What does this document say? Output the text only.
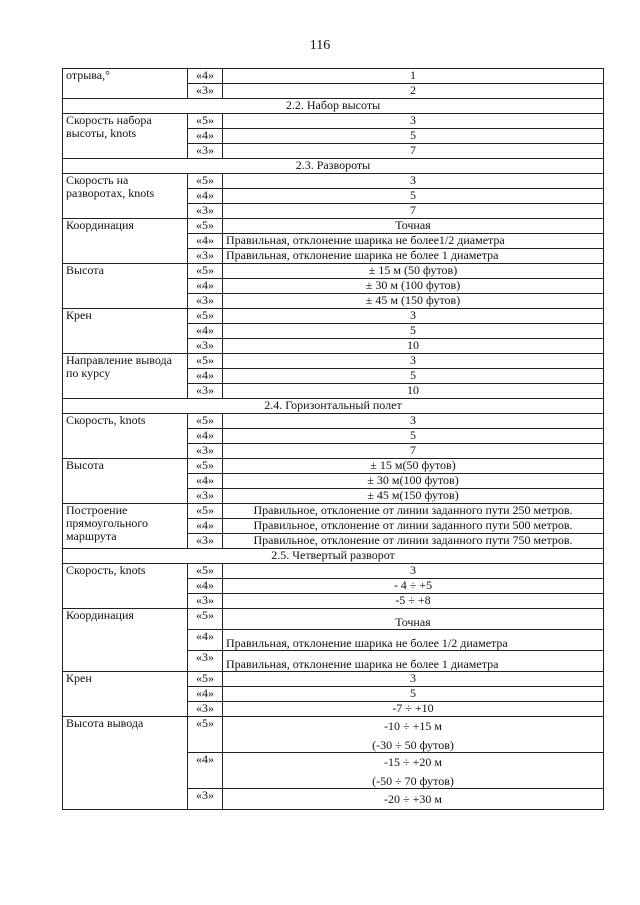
116
отрыва,°	«4»	1
	«3»	2
2.2. Набор высоты		
Скорость набора высоты, knots	«5»	3
	«4»	5
	«3»	7
2.3. Развороты		
Скорость на разворотах, knots	«5»	3
	«4»	5
	«3»	7
Координация	«5»	Точная
	«4»	Правильная, отклонение шарика не более1/2 диаметра
	«3»	Правильная, отклонение шарика не более 1 диаметра
Высота	«5»	± 15 м (50 футов)
	«4»	± 30 м (100 футов)
	«3»	± 45 м (150 футов)
Крен	«5»	3
	«4»	5
	«3»	10
Направление вывода по курсу	«5»	3
	«4»	5
	«3»	10
2.4. Горизонтальный полет		
Скорость, knots	«5»	3
	«4»	5
	«3»	7
Высота	«5»	± 15 м(50 футов)
	«4»	± 30 м(100 футов)
	«3»	± 45 м(150 футов)
Построение прямоугольного маршрута	«5»	Правильное, отклонение от линии заданного пути 250 метров.
	«4»	Правильное, отклонение от линии заданного пути 500 метров.
	«3»	Правильное, отклонение от линии заданного пути 750 метров.
2.5. Четвертый разворот		
Скорость, knots	«5»	3
	«4»	- 4 ÷ +5
	«3»	-5 ÷ +8
Координация	«5»	Точная
	«4»	Правильная, отклонение шарика не более 1/2 диаметра
	«3»	Правильная, отклонение шарика не более 1 диаметра
Крен	«5»	3
	«4»	5
	«3»	-7 ÷ +10
Высота вывода	«5»	-10 ÷ +15 м
(-30 ÷ 50 футов)

	«4»	-15 ÷ +20 м
(-50 ÷ 70 футов)

	«3»	-20 ÷ +30 м
